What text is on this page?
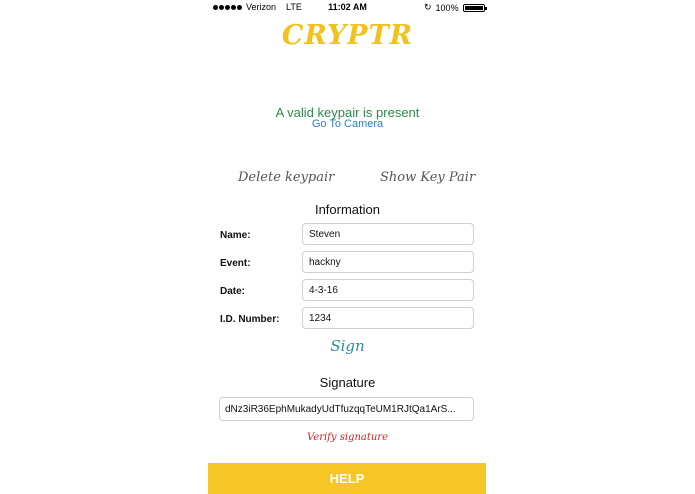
Verizon LTE	11:02 AM	↻ 100%
CRYPTR
A valid keypair is present
Go To Camera
Delete keypair	Show Key Pair
Information
Name:
Steven
Event:
hackny
Date:
4-3-16
I.D. Number:
1234
Sign
Signature
dNz3iR36EphMukadyUdTfuzqqTeUM1RJtQa1ArS...
Verify signature
HELP
